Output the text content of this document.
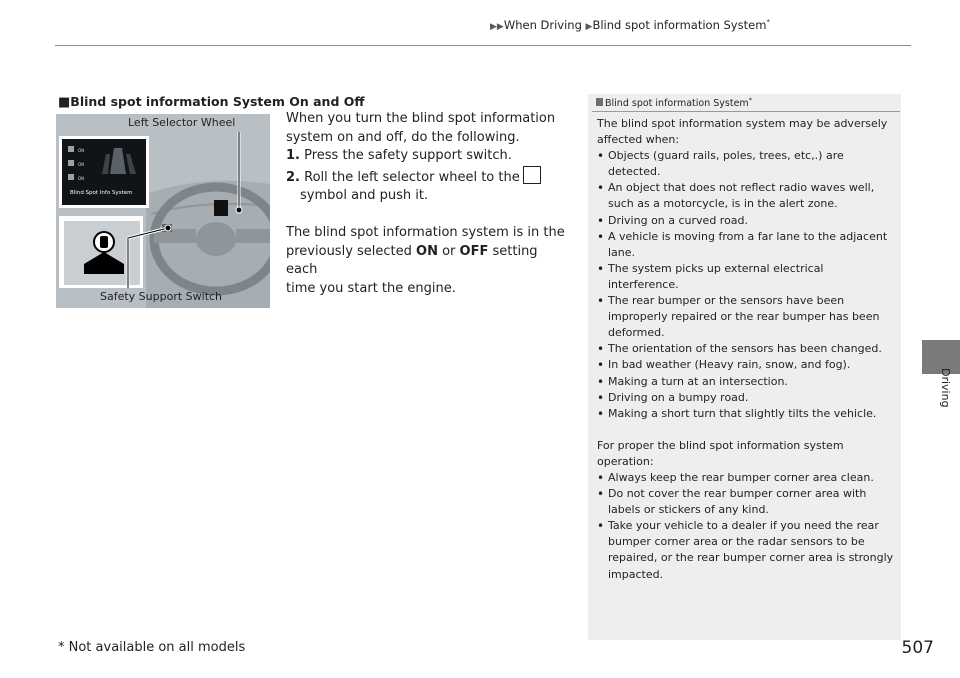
▶▶When Driving ▶Blind spot information System*
Driving
■Blind spot information System On and Off
Blind Spot Info System
ON
ON
ON
Left Selector Wheel
Safety Support Switch

When you turn the blind spot information

system on and off, do the following.

1. Press the safety support switch.

2. Roll the left selector wheel to the

symbol and push it.

The blind spot information system is in the

previously selected ON or OFF setting each

time you start the engine.

Blind spot information System*

The blind spot information system may be adversely

affected when:

• Objects (guard rails, poles, trees, etc,.) are detected.
• An object that does not reflect radio waves well, such as a motorcycle, is in the alert zone.
• Driving on a curved road.
• A vehicle is moving from a far lane to the adjacent lane.
• The system picks up external electrical interference.
• The rear bumper or the sensors have been improperly repaired or the rear bumper has been deformed.
• The orientation of the sensors has been changed.
• In bad weather (Heavy rain, snow, and fog).
• Making a turn at an intersection.
• Driving on a bumpy road.
• Making a short turn that slightly tilts the vehicle.

For proper the blind spot information system

operation:

• Always keep the rear bumper corner area clean.
• Do not cover the rear bumper corner area with labels or stickers of any kind.
• Take your vehicle to a dealer if you need the rear bumper corner area or the radar sensors to be repaired, or the rear bumper corner area is strongly impacted.
* Not available on all models	507
